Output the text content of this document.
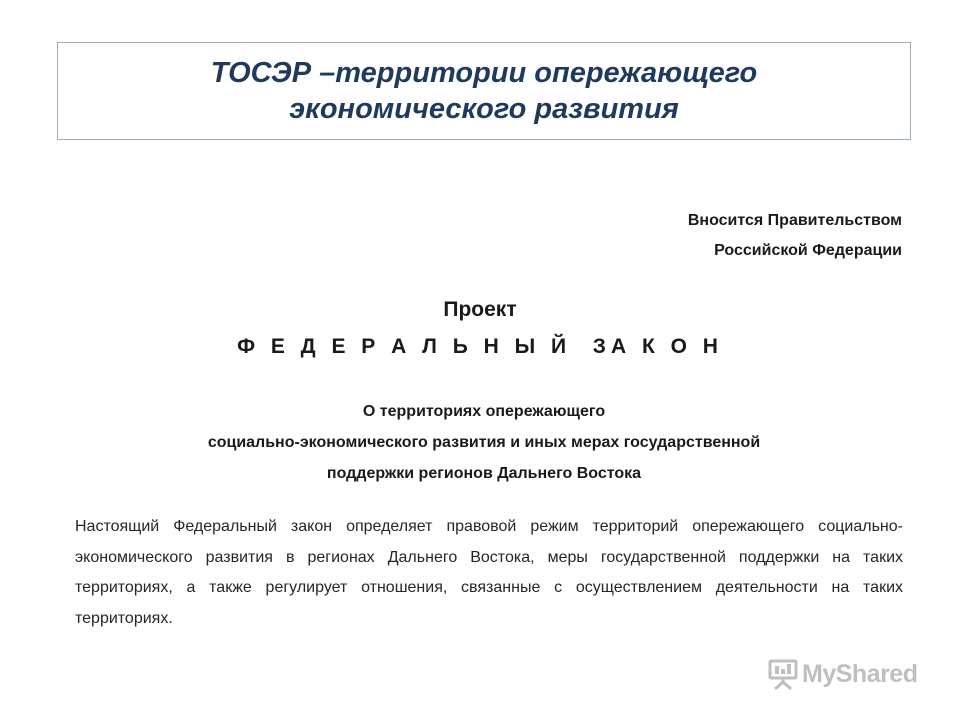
ТОСЭР –территории опережающего
экономического развития
Вносится Правительством
Российской Федерации
Проект
Ф Е Д Е Р А Л Ь Н Ы Й  ЗА К О Н
О территориях опережающего
социально-экономического развития и иных мерах государственной
поддержки регионов Дальнего Востока
Настоящий Федеральный закон определяет правовой режим территорий опережающего социально-экономического развития в регионах Дальнего Востока, меры государственной поддержки на таких территориях, а также регулирует отношения, связанные с осуществлением деятельности на таких территориях.
MyShared
